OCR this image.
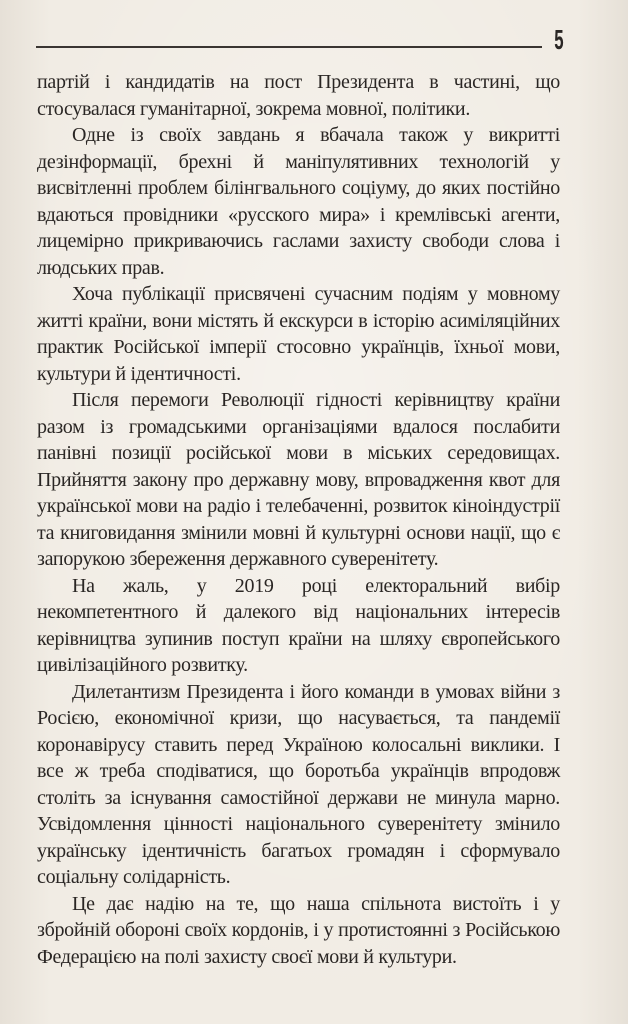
5

партій і кандидатів на пост Президента в частині, що стосувалася гуманітарної, зокрема мовної, політики.

Одне із своїх завдань я вбачала також у викритті дезінформації, брехні й маніпулятивних технологій у висвітленні проблем білінгвального соціуму, до яких постійно вдаються провідники «русского мира» і кремлівські агенти, лицемірно прикриваючись гаслами захисту свободи слова і людських прав.

Хоча публікації присвячені сучасним подіям у мовному житті країни, вони містять й екскурси в історію асиміляційних практик Російської імперії стосовно українців, їхньої мови, культури й ідентичності.

Після перемоги Революції гідності керівництву країни разом із громадськими організаціями вдалося послабити панівні позиції російської мови в міських середовищах. Прийняття закону про державну мову, впровадження квот для української мови на радіо і телебаченні, розвиток кіноіндустрії та книговидання змінили мовні й культурні основи нації, що є запорукою збереження державного суверенітету.

На жаль, у 2019 році електоральний вибір некомпетентного й далекого від національних інтересів керівництва зупинив поступ країни на шляху європейського цивілізаційного розвитку.

Дилетантизм Президента і його команди в умовах війни з Росією, економічної кризи, що насувається, та пандемії коронавірусу ставить перед Україною колосальні виклики. І все ж треба сподіватися, що боротьба українців впродовж століть за існування самостійної держави не минула марно. Усвідомлення цінності національного суверенітету змінило українську ідентичність багатьох громадян і сформувало соціальну солідарність.

Це дає надію на те, що наша спільнота вистоїть і у збройній обороні своїх кордонів, і у протистоянні з Російською Федерацією на полі захисту своєї мови й культури.
